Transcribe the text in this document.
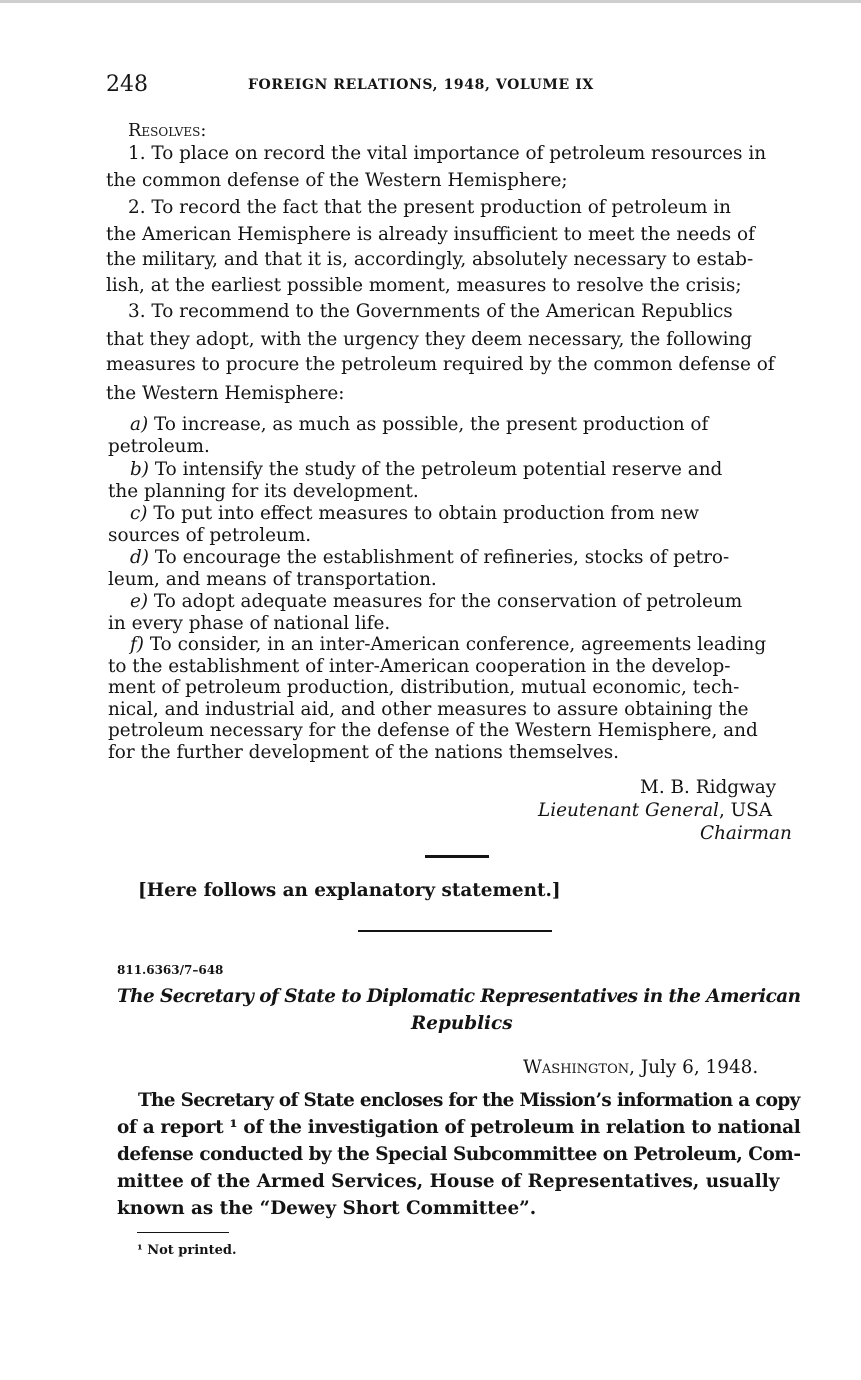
248	FOREIGN RELATIONS, 1948, VOLUME IX
Resolves:
1. To place on record the vital importance of petroleum resources in
the common defense of the Western Hemisphere;
2. To record the fact that the present production of petroleum in
the American Hemisphere is already insufficient to meet the needs of
the military, and that it is, accordingly, absolutely necessary to estab-
lish, at the earliest possible moment, measures to resolve the crisis;
3. To recommend to the Governments of the American Republics
that they adopt, with the urgency they deem necessary, the following
measures to procure the petroleum required by the common defense of
the Western Hemisphere:
a) To increase, as much as possible, the present production of
petroleum.
b) To intensify the study of the petroleum potential reserve and
the planning for its development.
c) To put into effect measures to obtain production from new
sources of petroleum.
d) To encourage the establishment of refineries, stocks of petro-
leum, and means of transportation.
e) To adopt adequate measures for the conservation of petroleum
in every phase of national life.
f) To consider, in an inter-American conference, agreements leading
to the establishment of inter-American cooperation in the develop-
ment of petroleum production, distribution, mutual economic, tech-
nical, and industrial aid, and other measures to assure obtaining the
petroleum necessary for the defense of the Western Hemisphere, and
for the further development of the nations themselves.
M. B. Ridgway
Lieutenant General, USA
Chairman
[Here follows an explanatory statement.]
811.6363/7–648
The Secretary of State to Diplomatic Representatives in the American
Republics
Washington, July 6, 1948.
The Secretary of State encloses for the Mission’s information a copy
of a report ¹ of the investigation of petroleum in relation to national
defense conducted by the Special Subcommittee on Petroleum, Com-
mittee of the Armed Services, House of Representatives, usually
known as the “Dewey Short Committee”.
¹ Not printed.
